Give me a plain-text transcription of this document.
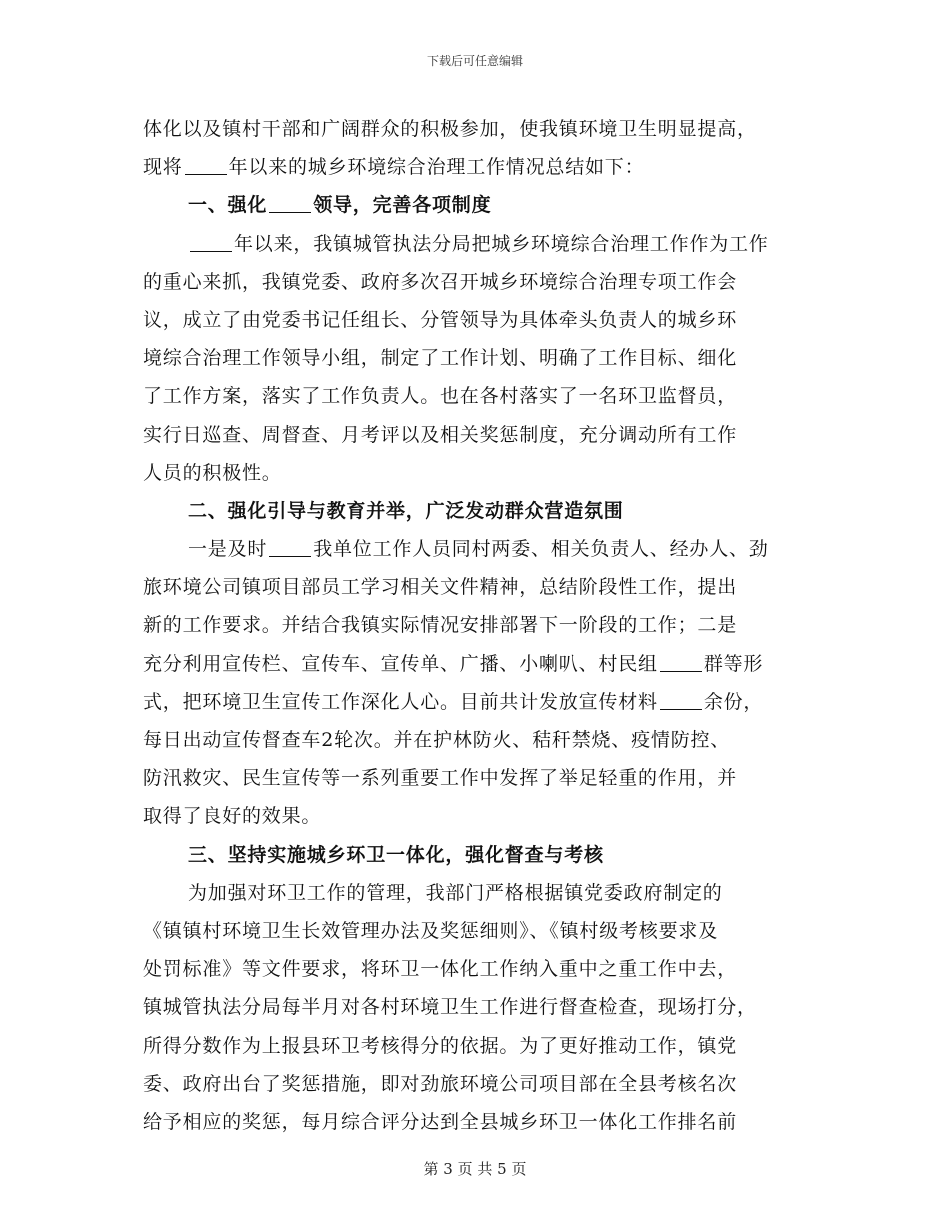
下载后可任意编辑
体化以及镇村干部和广阔群众的积极参加，使我镇环境卫生明显提高，
现将 年以来的城乡环境综合治理工作情况总结如下：
一、强化 领导，完善各项制度
年以来，我镇城管执法分局把城乡环境综合治理工作作为工作
的重心来抓，我镇党委、政府多次召开城乡环境综合治理专项工作会
议，成立了由党委书记任组长、分管领导为具体牵头负责人的城乡环
境综合治理工作领导小组，制定了工作计划、明确了工作目标、细化
了工作方案，落实了工作负责人。也在各村落实了一名环卫监督员，
实行日巡查、周督查、月考评以及相关奖惩制度，充分调动所有工作
人员的积极性。
二、强化引导与教育并举，广泛发动群众营造氛围
一是及时 我单位工作人员同村两委、相关负责人、经办人、劲
旅环境公司镇项目部员工学习相关文件精神，总结阶段性工作，提出
新的工作要求。并结合我镇实际情况安排部署下一阶段的工作；二是
充分利用宣传栏、宣传车、宣传单、广播、小喇叭、村民组 群等形
式，把环境卫生宣传工作深化人心。目前共计发放宣传材料 余份，
每日出动宣传督查车2轮次。并在护林防火、秸秆禁烧、疫情防控、
防汛救灾、民生宣传等一系列重要工作中发挥了举足轻重的作用，并
取得了良好的效果。
三、坚持实施城乡环卫一体化，强化督查与考核
为加强对环卫工作的管理，我部门严格根据镇党委政府制定的
《镇镇村环境卫生长效管理办法及奖惩细则》、《镇村级考核要求及
处罚标准》等文件要求，将环卫一体化工作纳入重中之重工作中去，
镇城管执法分局每半月对各村环境卫生工作进行督查检查，现场打分，
所得分数作为上报县环卫考核得分的依据。为了更好推动工作，镇党
委、政府出台了奖惩措施，即对劲旅环境公司项目部在全县考核名次
给予相应的奖惩，每月综合评分达到全县城乡环卫一体化工作排名前
第 3 页 共 5 页
